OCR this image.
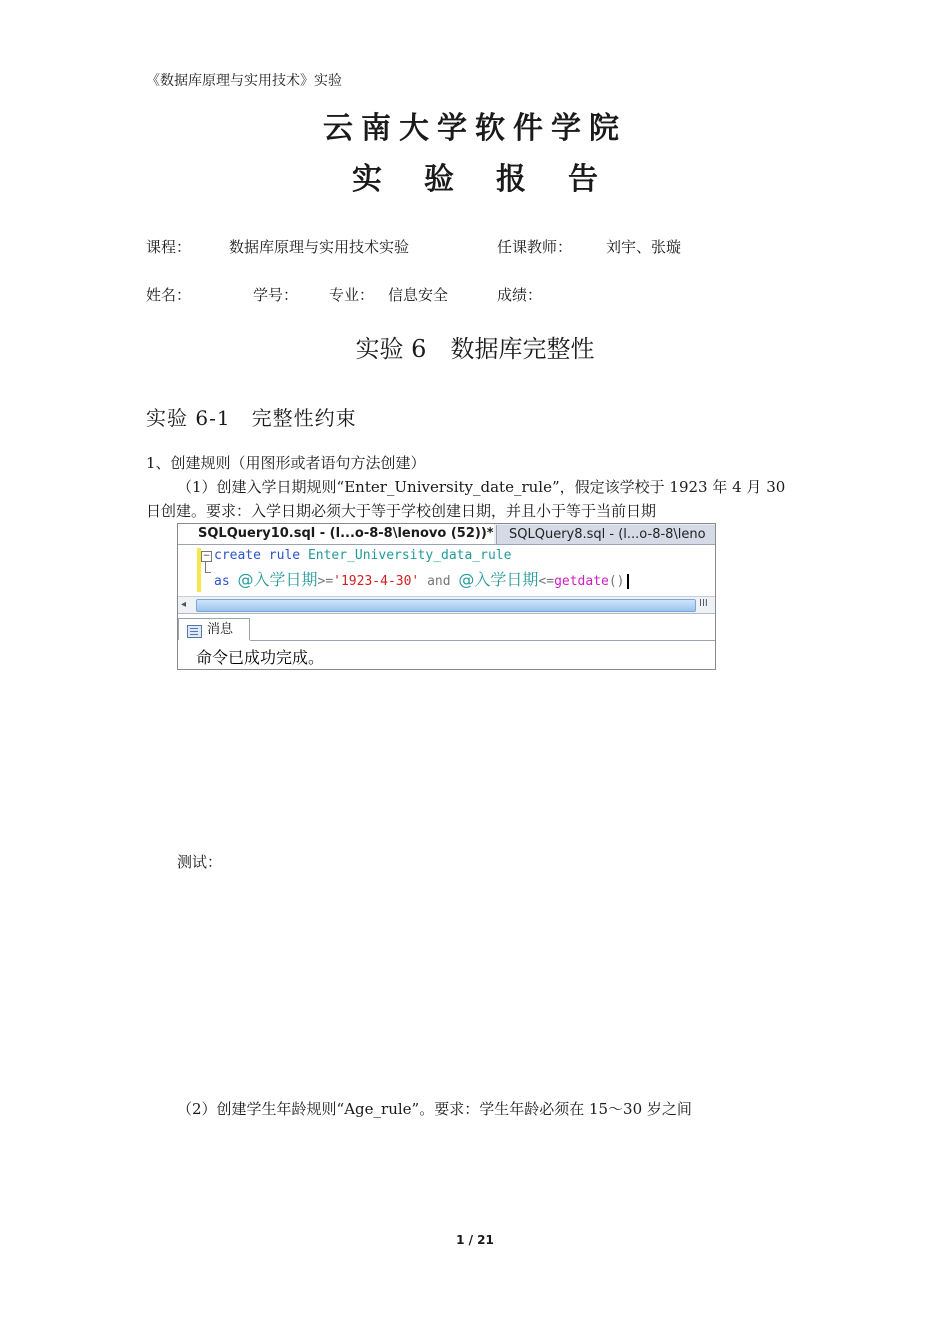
《数据库原理与实用技术》实验
云南大学软件学院
实验报告
课程：	数据库原理与实用技术实验	任课教师： 刘宇、张璇
姓名：	学号： 专业： 信息安全	成绩：
实验 6　数据库完整性
实验 6-1　完整性约束
1、创建规则（用图形或者语句方法创建）
（1）创建入学日期规则“Enter_University_date_rule”，假定该学校于 1923 年 4 月 30
日创建。要求：入学日期必须大于等于学校创建日期，并且小于等于当前日期
SQLQuery10.sql - (l...o-8-8\lenovo (52))*	SQLQuery8.sql - (l...o-8-8\leno
− create rule Enter_University_data_rule
as @入学日期>='1923-4-30' and @入学日期<=getdate()
◂	III
消息
命令已成功完成。
测试：
（2）创建学生年龄规则“Age_rule”。要求：学生年龄必须在 15～30 岁之间
1 / 21
